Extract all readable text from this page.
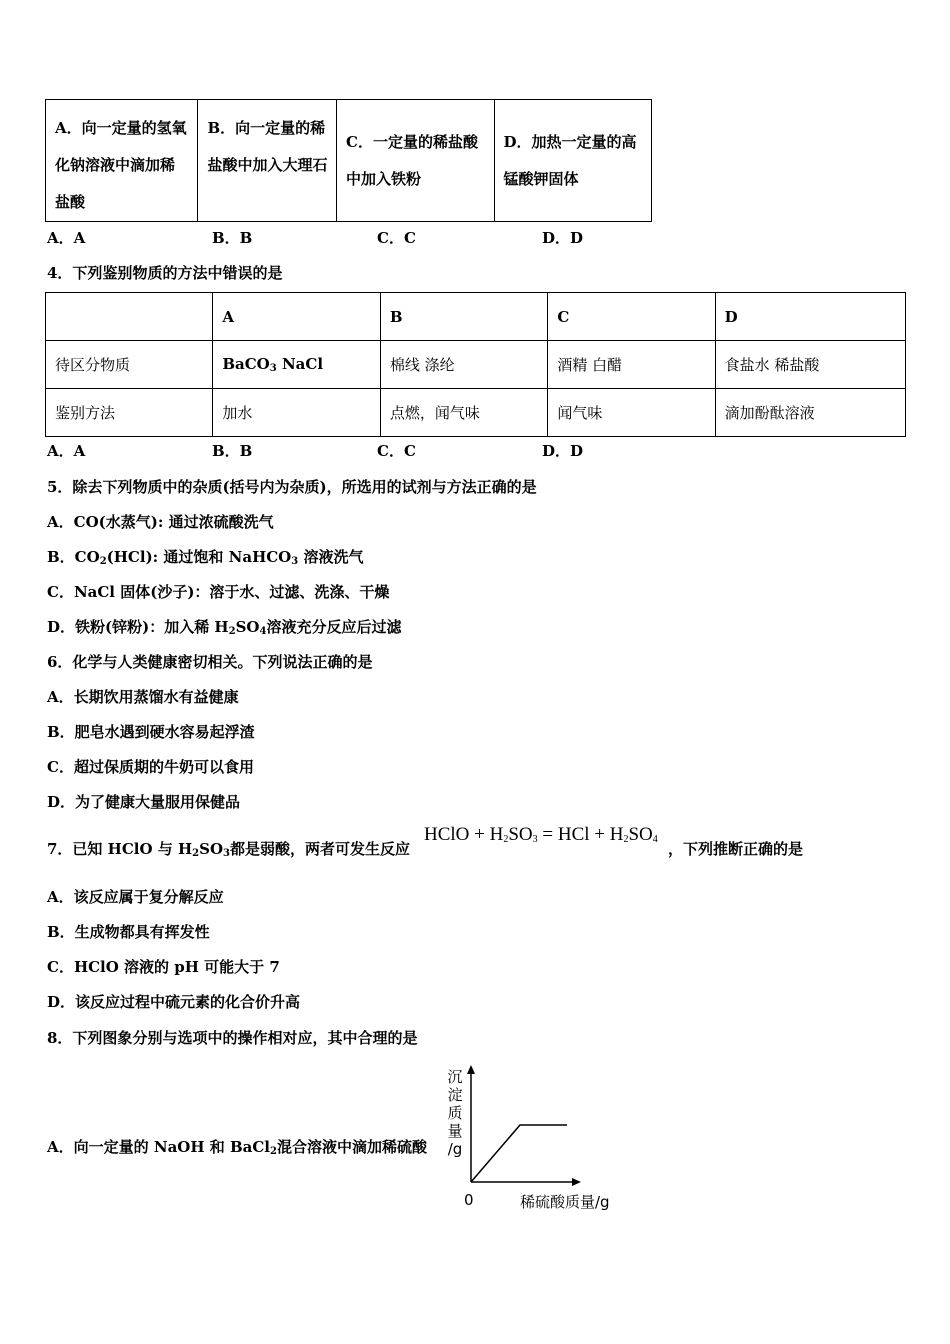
A．向一定量的氢氧化钠溶液中滴加稀盐酸	B．向一定量的稀盐酸中加入大理石	C．一定量的稀盐酸中加入铁粉	D．加热一定量的高锰酸钾固体
A．A	B．B	C．C	D．D
4．下列鉴别物质的方法中错误的是
	A	B	C	D
待区分物质	BaCO$_3$ NaCl	棉线 涤纶	酒精 白醋	食盐水 稀盐酸
鉴别方法	加水	点燃，闻气味	闻气味	滴加酚酞溶液
A．A	B．B	C．C	D．D
5．除去下列物质中的杂质(括号内为杂质)，所选用的试剂与方法正确的是
A．CO(水蒸气): 通过浓硫酸洗气
B．$CO_2(HCl)$: 通过饱和 NaHCO$_3$ 溶液洗气
C．NaCl 固体(沙子)：溶于水、过滤、洗涤、干燥
D．铁粉(锌粉)：加入稀 $H_2SO_4$溶液充分反应后过滤
6．化学与人类健康密切相关。下列说法正确的是
A．长期饮用蒸馏水有益健康
B．肥皂水遇到硬水容易起浮渣
C．超过保质期的牛奶可以食用
D．为了健康大量服用保健品
7．已知 HClO 与 $H_2SO_3$都是弱酸，两者可发生反应
HClO + $H_2SO_3$ = HCl + $H_2SO_4$
，下列推断正确的是
A．该反应属于复分解反应
B．生成物都具有挥发性
C．HClO 溶液的 pH 可能大于 7
D．该反应过程中硫元素的化合价升高
8．下列图象分别与选项中的操作相对应，其中合理的是
A．向一定量的 NaOH 和 BaCl$_2$混合溶液中滴加稀硫酸
沉
淀
质
量
/g
0	稀硫酸质量/g
